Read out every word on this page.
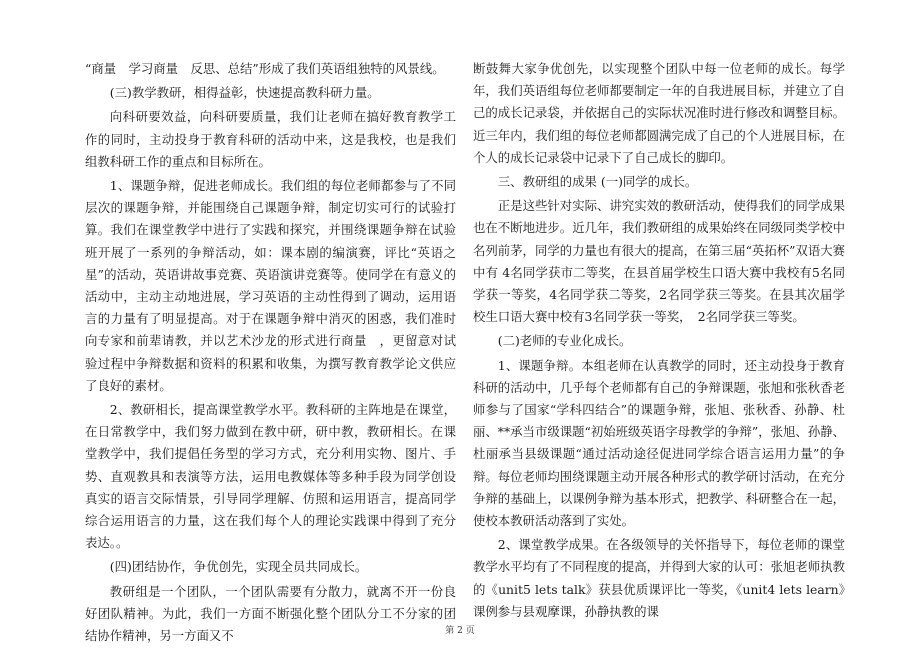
“商量　学习商量　反思、总结”形成了我们英语组独特的风景线。

(三)教学教研，相得益彰，快速提高教科研力量。

向科研要效益，向科研要质量，我们让老师在搞好教育教学工作的同时，主动投身于教育科研的活动中来，这是我校，也是我们组教科研工作的重点和目标所在。

1、课题争辩，促进老师成长。我们组的每位老师都参与了不同层次的课题争辩，并能围绕自己课题争辩，制定切实可行的试验打算。我们在课堂教学中进行了实践和探究，并围绕课题争辩在试验班开展了一系列的争辩活动，如：课本剧的编演赛，评比“英语之星”的活动，英语讲故事竞赛、英语演讲竞赛等。使同学在有意义的活动中，主动主动地进展，学习英语的主动性得到了调动，运用语言的力量有了明显提高。对于在课题争辩中消灭的困惑，我们准时向专家和前辈请教，并以艺术沙龙的形式进行商量　，更留意对试验过程中争辩数据和资料的积累和收集，为撰写教育教学论文供应了良好的素材。

2、教研相长，提高课堂教学水平。教科研的主阵地是在课堂，在日常教学中，我们努力做到在教中研，研中教，教研相长。在课堂教学中，我们提倡任务型的学习方式，充分利用实物、图片、手势、直观教具和表演等方法，运用电教媒体等多种手段为同学创设真实的语言交际情景，引导同学理解、仿照和运用语言，提高同学综合运用语言的力量，这在我们每个人的理论实践课中得到了充分表达。。

(四)团结协作，争优创先，实现全员共同成长。

教研组是一个团队，一个团队需要有分散力，就离不开一份良好团队精神。为此，我们一方面不断强化整个团队分工不分家的团结协作精神，另一方面又不

断鼓舞大家争优创先，以实现整个团队中每一位老师的成长。每学年，我们英语组每位老师都要制定一年的自我进展目标，并建立了自己的成长记录袋，并依据自己的实际状况准时进行修改和调整目标。近三年内，我们组的每位老师都圆满完成了自己的个人进展目标，在个人的成长记录袋中记录下了自己成长的脚印。

三、教研组的成果 (一)同学的成长。

正是这些针对实际、讲究实效的教研活动，使得我们的同学成果也在不断地进步。近几年，我们教研组的成果始终在同级同类学校中名列前茅，同学的力量也有很大的提高，在第三届“英拓杯”双语大赛中有 4名同学获市二等奖，在县首届学校生口语大赛中我校有5名同学获一等奖，4名同学获二等奖，2名同学获三等奖。在县其次届学校生口语大赛中校有3名同学获一等奖，　2名同学获三等奖。

(二)老师的专业化成长。

1、课题争辩。本组老师在认真教学的同时，还主动投身于教育科研的活动中，几乎每个老师都有自己的争辩课题，张旭和张秋香老师参与了国家“学科四结合”的课题争辩，张旭、张秋香、孙静、杜丽、**承当市级课题“初始班级英语字母教学的争辩”，张旭、孙静、杜丽承当县级课题“通过活动途径促进同学综合语言运用力量”的争辩。每位老师均围绕课题主动开展各种形式的教学研讨活动，在充分争辩的基础上，以课例争辩为基本形式，把教学、科研整合在一起，使校本教研活动落到了实处。

2、课堂教学成果。在各级领导的关怀指导下，每位老师的课堂教学水平均有了不同程度的提高，并得到大家的认可：张旭老师执教的《unit5 lets talk》获县优质课评比一等奖，《unit4 lets learn》课例参与县观摩课，孙静执教的课

第 2 页
